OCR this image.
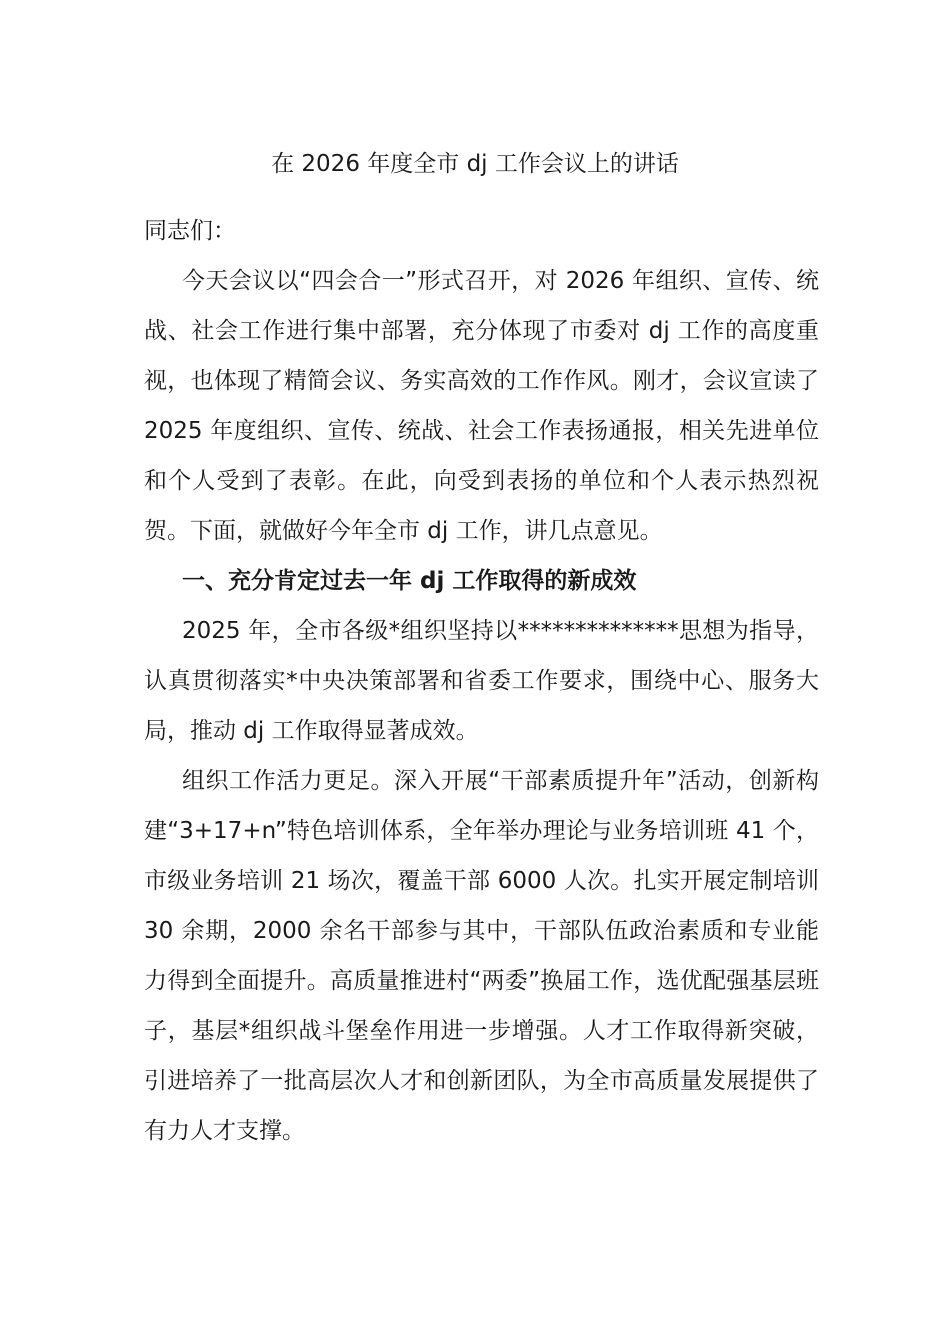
在 2026 年度全市 dj 工作会议上的讲话

同志们：

今天会议以“四会合一”形式召开，对 2026 年组织、宣传、统战、社会工作进行集中部署，充分体现了市委对 dj 工作的高度重视，也体现了精简会议、务实高效的工作作风。刚才，会议宣读了 2025 年度组织、宣传、统战、社会工作表扬通报，相关先进单位和个人受到了表彰。在此，向受到表扬的单位和个人表示热烈祝贺。下面，就做好今年全市 dj 工作，讲几点意见。

一、充分肯定过去一年 dj 工作取得的新成效

2025 年，全市各级*组织坚持以**************思想为指导，认真贯彻落实*中央决策部署和省委工作要求，围绕中心、服务大局，推动 dj 工作取得显著成效。

组织工作活力更足。深入开展“干部素质提升年”活动，创新构建“3+17+n”特色培训体系，全年举办理论与业务培训班 41 个，市级业务培训 21 场次，覆盖干部 6000 人次。扎实开展定制培训 30 余期，2000 余名干部参与其中，干部队伍政治素质和专业能力得到全面提升。高质量推进村“两委”换届工作，选优配强基层班子，基层*组织战斗堡垒作用进一步增强。人才工作取得新突破，引进培养了一批高层次人才和创新团队，为全市高质量发展提供了有力人才支撑。
